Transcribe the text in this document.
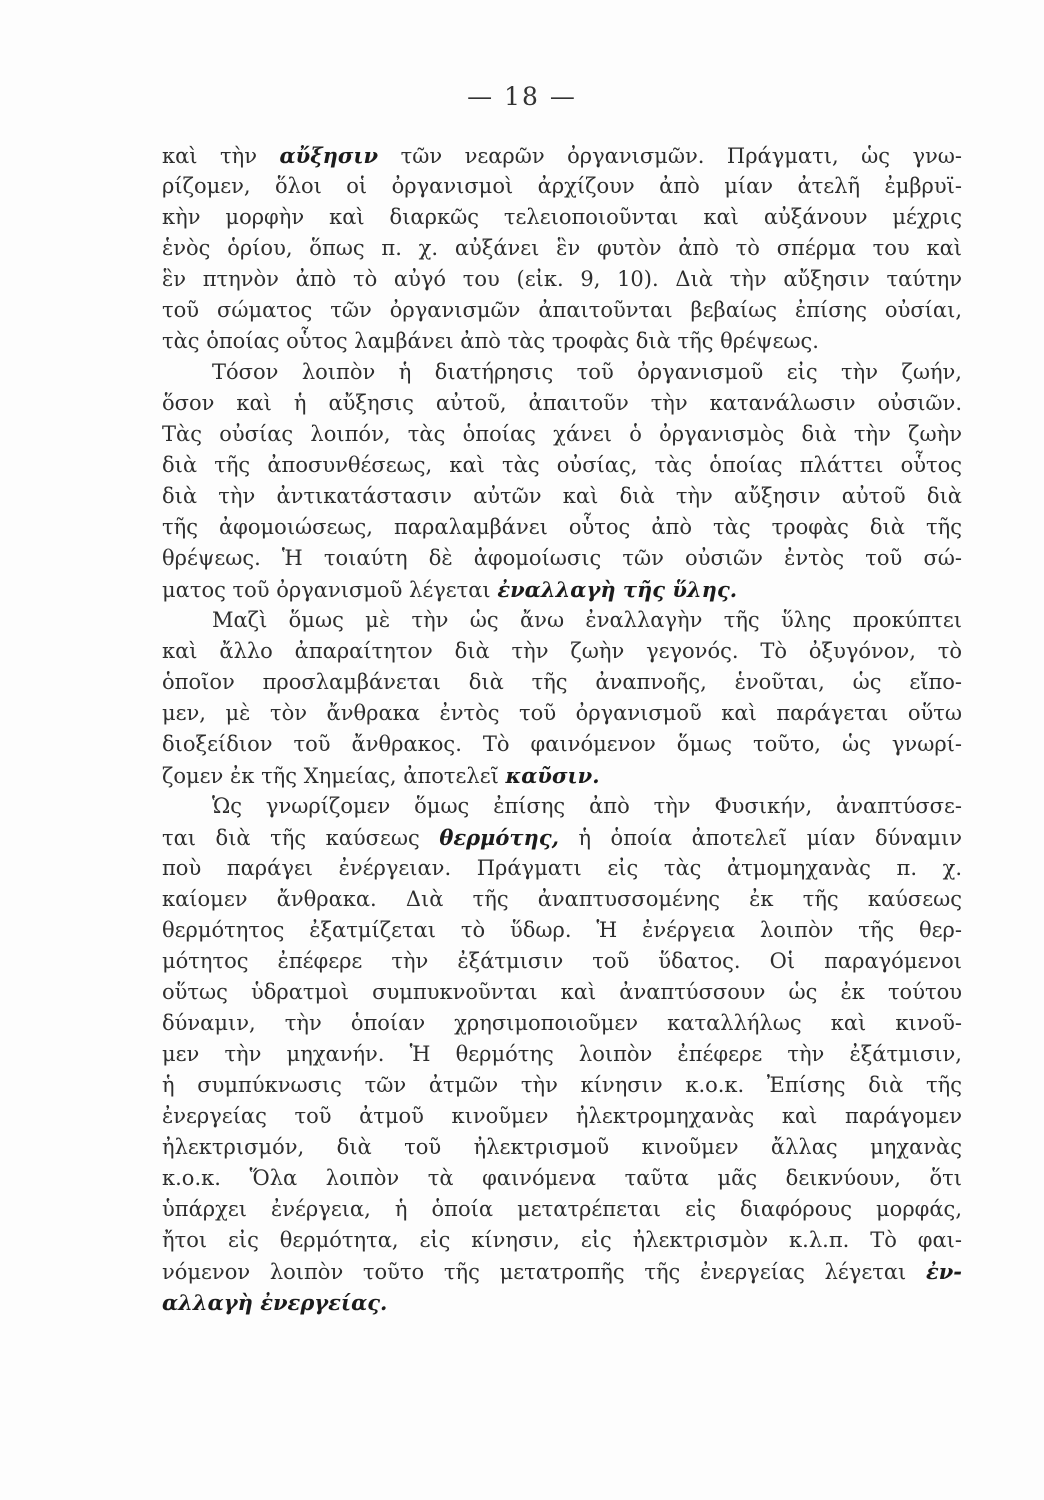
— 18 —
καὶ τὴν αὔξησιν τῶν νεαρῶν ὀργανισμῶν. Πράγματι, ὡς γνω-
ρίζομεν, ὅλοι οἱ ὀργανισμοὶ ἀρχίζουν ἀπὸ μίαν ἀτελῆ ἐμβρυϊ-
κὴν μορφὴν καὶ διαρκῶς τελειοποιοῦνται καὶ αὐξάνουν μέχρις
ἑνὸς ὁρίου, ὅπως π. χ. αὐξάνει ἓν φυτὸν ἀπὸ τὸ σπέρμα του καὶ
ἓν πτηνὸν ἀπὸ τὸ αὐγό του (εἰκ. 9, 10). Διὰ τὴν αὔξησιν ταύτην
τοῦ σώματος τῶν ὀργανισμῶν ἀπαιτοῦνται βεβαίως ἐπίσης οὐσίαι,
τὰς ὁποίας οὗτος λαμβάνει ἀπὸ τὰς τροφὰς διὰ τῆς θρέψεως.
Τόσον λοιπὸν ἡ διατήρησις τοῦ ὀργανισμοῦ εἰς τὴν ζωήν,
ὅσον καὶ ἡ αὔξησις αὐτοῦ, ἀπαιτοῦν τὴν κατανάλωσιν οὐσιῶν.
Τὰς οὐσίας λοιπόν, τὰς ὁποίας χάνει ὁ ὀργανισμὸς διὰ τὴν ζωὴν
διὰ τῆς ἀποσυνθέσεως, καὶ τὰς οὐσίας, τὰς ὁποίας πλάττει οὗτος
διὰ τὴν ἀντικατάστασιν αὐτῶν καὶ διὰ τὴν αὔξησιν αὐτοῦ διὰ
τῆς ἀφομοιώσεως, παραλαμβάνει οὗτος ἀπὸ τὰς τροφὰς διὰ τῆς
θρέψεως. Ἡ τοιαύτη δὲ ἀφομοίωσις τῶν οὐσιῶν ἐντὸς τοῦ σώ-
ματος τοῦ ὀργανισμοῦ λέγεται ἐναλλαγὴ τῆς ὕλης.
Μαζὶ ὅμως μὲ τὴν ὡς ἄνω ἐναλλαγὴν τῆς ὕλης προκύπτει
καὶ ἄλλο ἀπαραίτητον διὰ τὴν ζωὴν γεγονός. Τὸ ὀξυγόνον, τὸ
ὁποῖον προσλαμβάνεται διὰ τῆς ἀναπνοῆς, ἑνοῦται, ὡς εἴπο-
μεν, μὲ τὸν ἄνθρακα ἐντὸς τοῦ ὀργανισμοῦ καὶ παράγεται οὕτω
διοξείδιον τοῦ ἄνθρακος. Τὸ φαινόμενον ὅμως τοῦτο, ὡς γνωρί-
ζομεν ἐκ τῆς Χημείας, ἀποτελεῖ καῦσιν.
Ὡς γνωρίζομεν ὅμως ἐπίσης ἀπὸ τὴν Φυσικήν, ἀναπτύσσε-
ται διὰ τῆς καύσεως θερμότης, ἡ ὁποία ἀποτελεῖ μίαν δύναμιν
ποὺ παράγει ἐνέργειαν. Πράγματι εἰς τὰς ἀτμομηχανὰς π. χ.
καίομεν ἄνθρακα. Διὰ τῆς ἀναπτυσσομένης ἐκ τῆς καύσεως
θερμότητος ἐξατμίζεται τὸ ὕδωρ. Ἡ ἐνέργεια λοιπὸν τῆς θερ-
μότητος ἐπέφερε τὴν ἐξάτμισιν τοῦ ὕδατος. Οἱ παραγόμενοι
οὕτως ὑδρατμοὶ συμπυκνοῦνται καὶ ἀναπτύσσουν ὡς ἐκ τούτου
δύναμιν, τὴν ὁποίαν χρησιμοποιοῦμεν καταλλήλως καὶ κινοῦ-
μεν τὴν μηχανήν. Ἡ θερμότης λοιπὸν ἐπέφερε τὴν ἐξάτμισιν,
ἡ συμπύκνωσις τῶν ἀτμῶν τὴν κίνησιν κ.ο.κ. Ἐπίσης διὰ τῆς
ἐνεργείας τοῦ ἀτμοῦ κινοῦμεν ἠλεκτρομηχανὰς καὶ παράγομεν
ἠλεκτρισμόν, διὰ τοῦ ἠλεκτρισμοῦ κινοῦμεν ἄλλας μηχανὰς
κ.ο.κ. Ὅλα λοιπὸν τὰ φαινόμενα ταῦτα μᾶς δεικνύουν, ὅτι
ὑπάρχει ἐνέργεια, ἡ ὁποία μετατρέπεται εἰς διαφόρους μορφάς,
ἤτοι εἰς θερμότητα, εἰς κίνησιν, εἰς ἠλεκτρισμὸν κ.λ.π. Τὸ φαι-
νόμενον λοιπὸν τοῦτο τῆς μετατροπῆς τῆς ἐνεργείας λέγεται ἐν-
αλλαγὴ ἐνεργείας.
